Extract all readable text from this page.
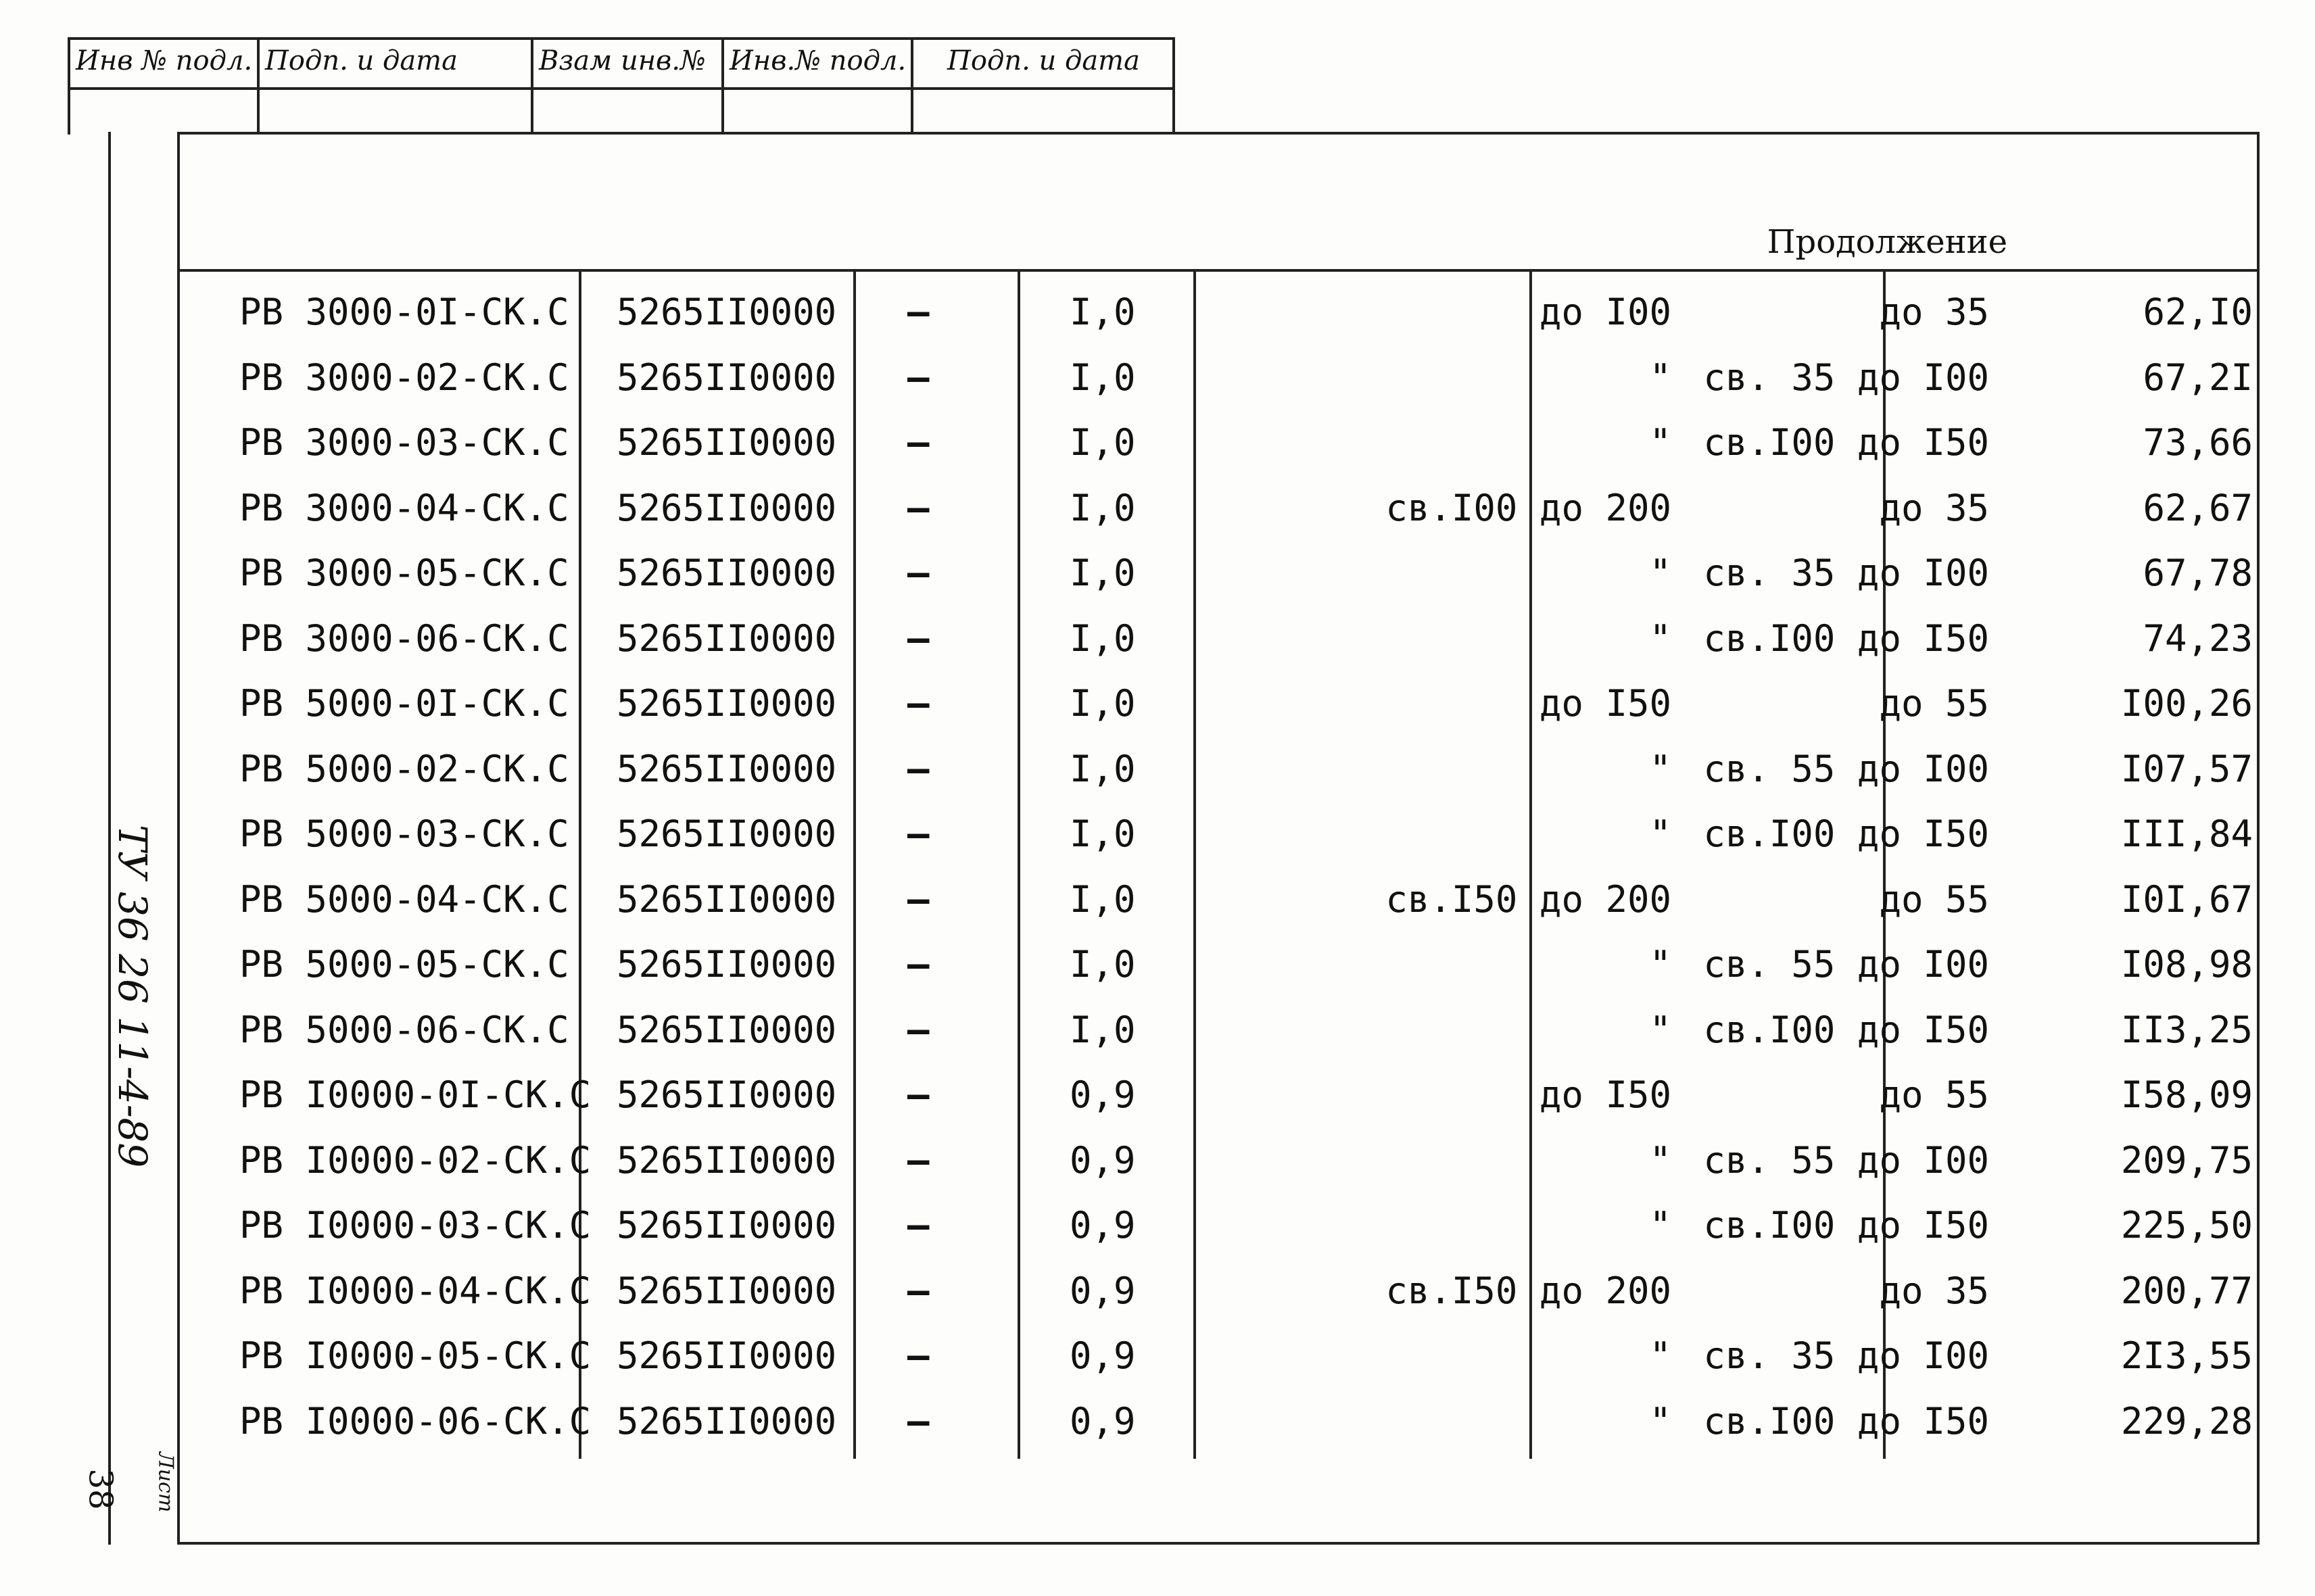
Инв № подл. Подп. и дата	Взам инв.№ Инв.№ подл. Подп. и дата
ТУ 36 26 11-4-89
38 Лист
Продолжение
РВ 3000-0I-СК.С 5265II0000 –	I,0	до I00	до 35	62,I0
РВ 3000-02-СК.С 5265II0000 –	I,0	" св. 35 до I00	67,2I
РВ 3000-03-СК.С 5265II0000 –	I,0	" св.I00 до I50	73,66
РВ 3000-04-СК.С 5265II0000 –	I,0	св.I00 до 200	до 35	62,67
РВ 3000-05-СК.С 5265II0000 –	I,0	" св. 35 до I00	67,78
РВ 3000-06-СК.С 5265II0000 –	I,0	" св.I00 до I50	74,23
РВ 5000-0I-СК.С 5265II0000 –	I,0	до I50	до 55	I00,26
РВ 5000-02-СК.С 5265II0000 –	I,0	" св. 55 до I00	I07,57
РВ 5000-03-СК.С 5265II0000 –	I,0	" св.I00 до I50	III,84
РВ 5000-04-СК.С 5265II0000 –	I,0	св.I50 до 200	до 55	I0I,67
РВ 5000-05-СК.С 5265II0000 –	I,0	" св. 55 до I00	I08,98
РВ 5000-06-СК.С 5265II0000 –	I,0	" св.I00 до I50	II3,25
РВ I0000-0I-СК.С 5265II0000 –	0,9	до I50	до 55	I58,09
РВ I0000-02-СК.С 5265II0000 –	0,9	" св. 55 до I00	209,75
РВ I0000-03-СК.С 5265II0000 –	0,9	" св.I00 до I50	225,50
РВ I0000-04-СК.С 5265II0000 –	0,9	св.I50 до 200	до 35	200,77
РВ I0000-05-СК.С 5265II0000 –	0,9	" св. 35 до I00	2I3,55
РВ I0000-06-СК.С 5265II0000 –	0,9	" св.I00 до I50	229,28
